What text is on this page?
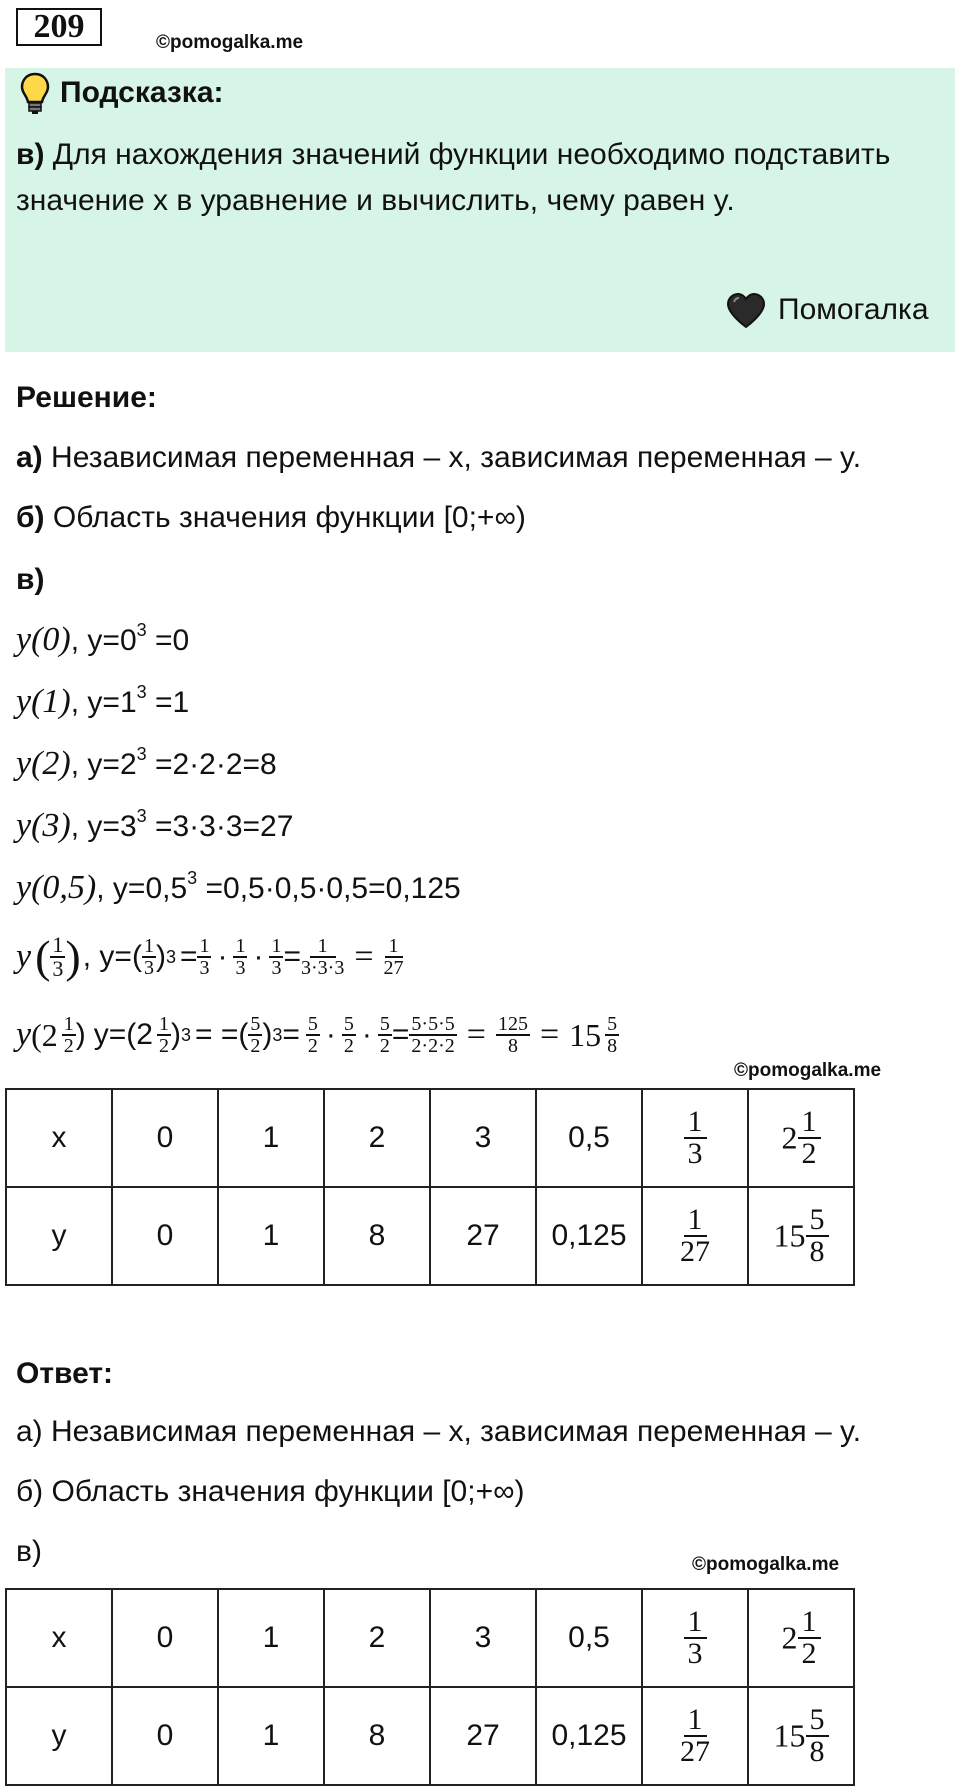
209	©pomogalka.me
Подсказка:
в) Для нахождения значений функции необходимо подставить значение x в уравнение и вычислить, чему равен y.
Помогалка
Решение:
а) Независимая переменная – x, зависимая переменная – y.
б) Область значения функции [0;+∞)
в)
y(0), $y=0^3 =0$
y(1), $y=1^3 =1$
y(2), $y=2^3 =2\cdot 2\cdot 2=8$
y(3), $y=3^3 =3\cdot 3\cdot 3=27$
y(0,5), $y=0,5^3 =0,5\cdot 0,5\cdot 0,5=0,125$
y ( $\frac{1}{3}$ ) , $y=( \frac{1}{3}$ ) $3 = \frac{1}{3} \cdot \frac{1}{3} \cdot \frac{1}{3} = \frac{1}{3\cdot 3\cdot 3} = \frac{1}{27}$
y ($2 \frac{1}{2}$ ) $y=(2 \frac{1}{2}$ ) 3 = =( $\frac{5}{2}$ ) $3 = \frac{5}{2} \cdot \frac{5}{2} \cdot \frac{5}{2} = \frac{5\cdot 5\cdot 5}{2\cdot 2\cdot 2} = \frac{125}{8} = 15 \frac{5}{8}$
©pomogalka.me
x	0	1	2	3	0,5	$\frac{1}{3}$	$2 \frac{1}{2}$

y	0	1	8	27	0,125	$\frac{1}{27}$	$15 \frac{5}{8}$
Ответ:
а) Независимая переменная – x, зависимая переменная – y.
б) Область значения функции [0;+∞)
в)	©pomogalka.me
x	0	1	2	3	0,5	$\frac{1}{3}$	$2 \frac{1}{2}$

y	0	1	8	27	0,125	$\frac{1}{27}$	$15 \frac{5}{8}$
